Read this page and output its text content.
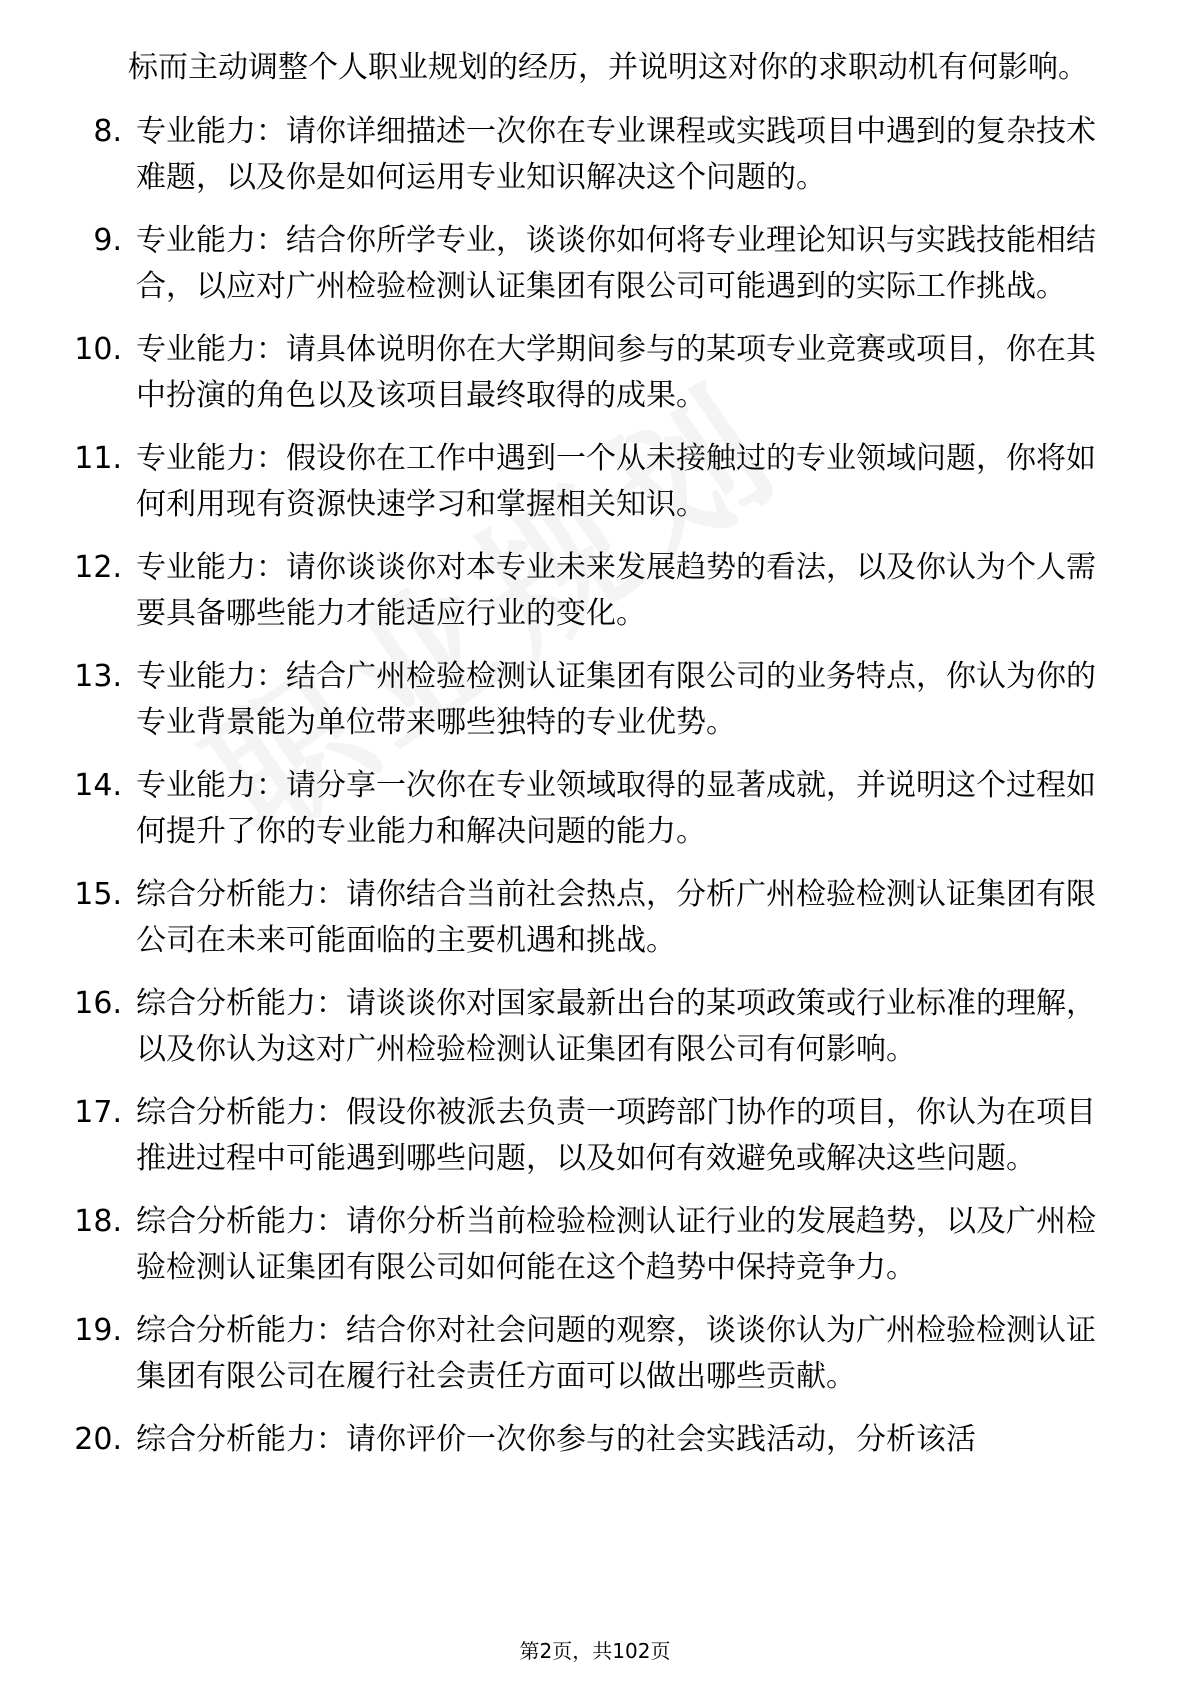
标而主动调整个人职业规划的经历，并说明这对你的求职动机有何影响。
8. 专业能力：请你详细描述一次你在专业课程或实践项目中遇到的复杂技术难题，以及你是如何运用专业知识解决这个问题的。
9. 专业能力：结合你所学专业，谈谈你如何将专业理论知识与实践技能相结合，以应对广州检验检测认证集团有限公司可能遇到的实际工作挑战。
10. 专业能力：请具体说明你在大学期间参与的某项专业竞赛或项目，你在其中扮演的角色以及该项目最终取得的成果。
11. 专业能力：假设你在工作中遇到一个从未接触过的专业领域问题，你将如何利用现有资源快速学习和掌握相关知识。
12. 专业能力：请你谈谈你对本专业未来发展趋势的看法，以及你认为个人需要具备哪些能力才能适应行业的变化。
13. 专业能力：结合广州检验检测认证集团有限公司的业务特点，你认为你的专业背景能为单位带来哪些独特的专业优势。
14. 专业能力：请分享一次你在专业领域取得的显著成就，并说明这个过程如何提升了你的专业能力和解决问题的能力。
15. 综合分析能力：请你结合当前社会热点，分析广州检验检测认证集团有限公司在未来可能面临的主要机遇和挑战。
16. 综合分析能力：请谈谈你对国家最新出台的某项政策或行业标准的理解，以及你认为这对广州检验检测认证集团有限公司有何影响。
17. 综合分析能力：假设你被派去负责一项跨部门协作的项目，你认为在项目推进过程中可能遇到哪些问题，以及如何有效避免或解决这些问题。
18. 综合分析能力：请你分析当前检验检测认证行业的发展趋势，以及广州检验检测认证集团有限公司如何能在这个趋势中保持竞争力。
19. 综合分析能力：结合你对社会问题的观察，谈谈你认为广州检验检测认证集团有限公司在履行社会责任方面可以做出哪些贡献。
20. 综合分析能力：请你评价一次你参与的社会实践活动，分析该活
第2页，共102页
